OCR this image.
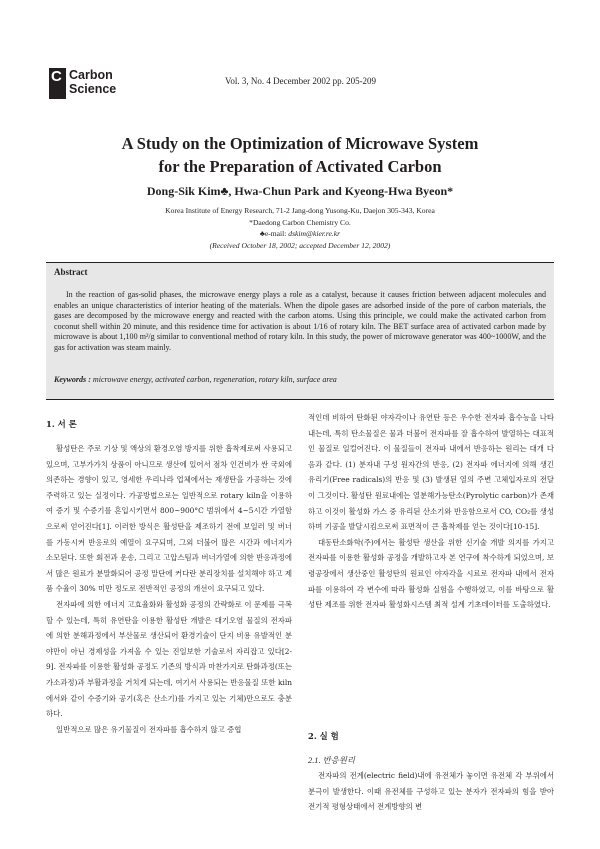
C Carbon
Science
Vol. 3, No. 4 December 2002 pp. 205-209
A Study on the Optimization of Microwave System
for the Preparation of Activated Carbon
Dong-Sik Kim♣, Hwa-Chun Park and Kyeong-Hwa Byeon*
Korea Institute of Energy Research, 71-2 Jang-dong Yusong-Ku, Daejon 305-343, Korea
*Daedong Carbon Chemistry Co.
♣e-mail: dskim@kier.re.kr
(Received October 18, 2002; accepted December 12, 2002)
Abstract
In the reaction of gas-solid phases, the microwave energy plays a role as a catalyst, because it causes friction between adjacent molecules and enables an unique characteristics of interior heating of the materials. When the dipole gases are adsorbed inside of the pore of carbon materials, the gases are decomposed by the microwave energy and reacted with the carbon atoms. Using this principle, we could make the activated carbon from coconut shell within 20 minute, and this residence time for activation is about 1/16 of rotary kiln. The BET surface area of activated carbon made by microwave is about 1,100 m²/g similar to conventional method of rotary kiln. In this study, the power of microwave generator was 400~1000W, and the gas for activation was steam mainly.
Keywords : microwave energy, activated carbon, regeneration, rotary kiln, surface area
1. 서 론

활성탄은 주로 기상 및 액상의 환경오염 방지를 위한 흡착제로써 사용되고 있으며, 고부가가치 상품이 아니므로 생산에 있어서 점차 인건비가 싼 국외에 의존하는 경향이 있고, 영세한 우리나라 업체에서는 재생탄을 가공하는 것에 주력하고 있는 실정이다. 가공방법으로는 일반적으로 rotary kiln을 이용하여 증기 및 수증기를 혼입시키면서 800~900°C 범위에서 4~5시간 가열함으로써 얻어진다[1]. 이러한 방식은 활성탄을 제조하기 전에 보일러 및 버너를 가동시켜 반응로의 예열이 요구되며, 그외 더불어 많은 시간과 에너지가 소모된다. 또한 회전과 운송, 그리고 고압스팀과 버너가열에 의한 반응과정에서 많은 원료가 분말화되어 공정 말단에 커다란 분리장치를 설치해야 하고 제품 수율이 30% 미만 정도로 전반적인 공정의 개선이 요구되고 있다.

전자파에 의한 에너지 고효율화와 활성화 공정의 간략화로 이 문제를 극복할 수 있는데, 특히 유연탄을 이용한 활성탄 개발은 대기오염 물질의 전자파에 의한 분해과정에서 부산물로 생산되어 환경기술이 단지 비용 유발적인 분야만이 아닌 경제성을 가져올 수 있는 진일보한 기술로서 자리잡고 있다[2-9]. 전자파를 이용한 활성화 공정도 기존의 방식과 마찬가지로 탄화과정(또는 가소과정)과 부활과정을 거치게 되는데, 여기서 사용되는 반응물질 또한 kiln에서와 같이 수증기와 공기(혹은 산소기)를 가지고 있는 기체)만으로도 충분하다.

일반적으로 많은 유기물질이 전자파를 흡수하지 않고 증협

적인데 비하여 탄화된 야자각이나 유연탄 등은 우수한 전자파 흡수능을 나타내는데, 특히 탄소물질은 물과 더불어 전자파를 잘 흡수하여 발열하는 대표적인 물질로 일컬어진다. 이 물질들이 전자파 내에서 반응하는 원리는 대개 다음과 같다. (1) 분자내 구성 원자간의 반응, (2) 전자파 에너지에 의해 생긴 유리기(Free radicals)의 반응 및 (3) 발생된 열의 주변 고체입자로의 전달이 그것이다. 활성탄 원료내에는 열분해가능탄소(Pyrolytic carbon)가 존재하고 이것이 활성화 가스 중 유리된 산소기와 반응함으로서 CO, CO₂를 생성하며 기공을 발달시킴으로써 표면적이 큰 흡착제를 얻는 것이다[10-15].

대동탄소화학(주)에서는 활성탄 생산을 위한 신기술 개발 의지를 가지고 전자파를 이용한 활성화 공정을 개발하고자 본 연구에 착수하게 되었으며, 보령공장에서 생산중인 활성탄의 원료인 야자각을 시료로 전자파 내에서 전자파를 이용하여 각 변수에 따라 활성화 실험을 수행하였고, 이를 바탕으로 활성탄 제조를 위한 전자파 활성화시스템 최적 설계 기초데이터를 도출하였다.

2. 실 험
2.1. 반응원리

전자파의 전계(electric field)내에 유전체가 놓이면 유전체 각 부위에서 분극이 발생한다. 이때 유전체를 구성하고 있는 분자가 전자파의 힘을 받아 전기적 평형상태에서 전계방향의 변
